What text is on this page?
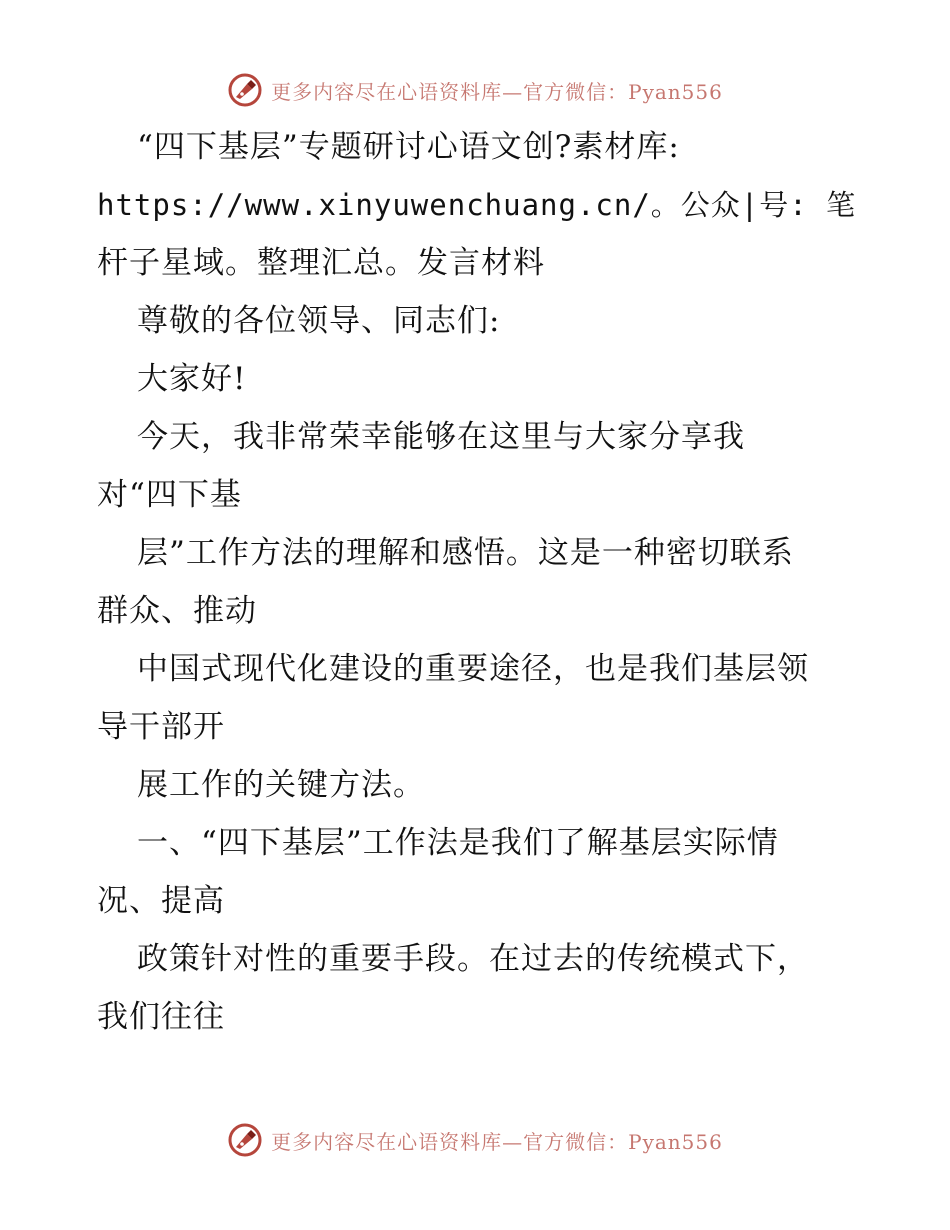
更多内容尽在心语资料库—官方微信：Pyan556
“四下基层”专题研讨心语文创?素材库:
https://www.xinyuwenchuang.cn/。公众|号: 笔
杆子星域。整理汇总。发言材料
尊敬的各位领导、同志们:
大家好!
今天，我非常荣幸能够在这里与大家分享我
对“四下基
层”工作方法的理解和感悟。这是一种密切联系
群众、推动
中国式现代化建设的重要途径，也是我们基层领
导干部开
展工作的关键方法。
一、“四下基层”工作法是我们了解基层实际情
况、提高
政策针对性的重要手段。在过去的传统模式下，
我们往往
更多内容尽在心语资料库—官方微信：Pyan556
